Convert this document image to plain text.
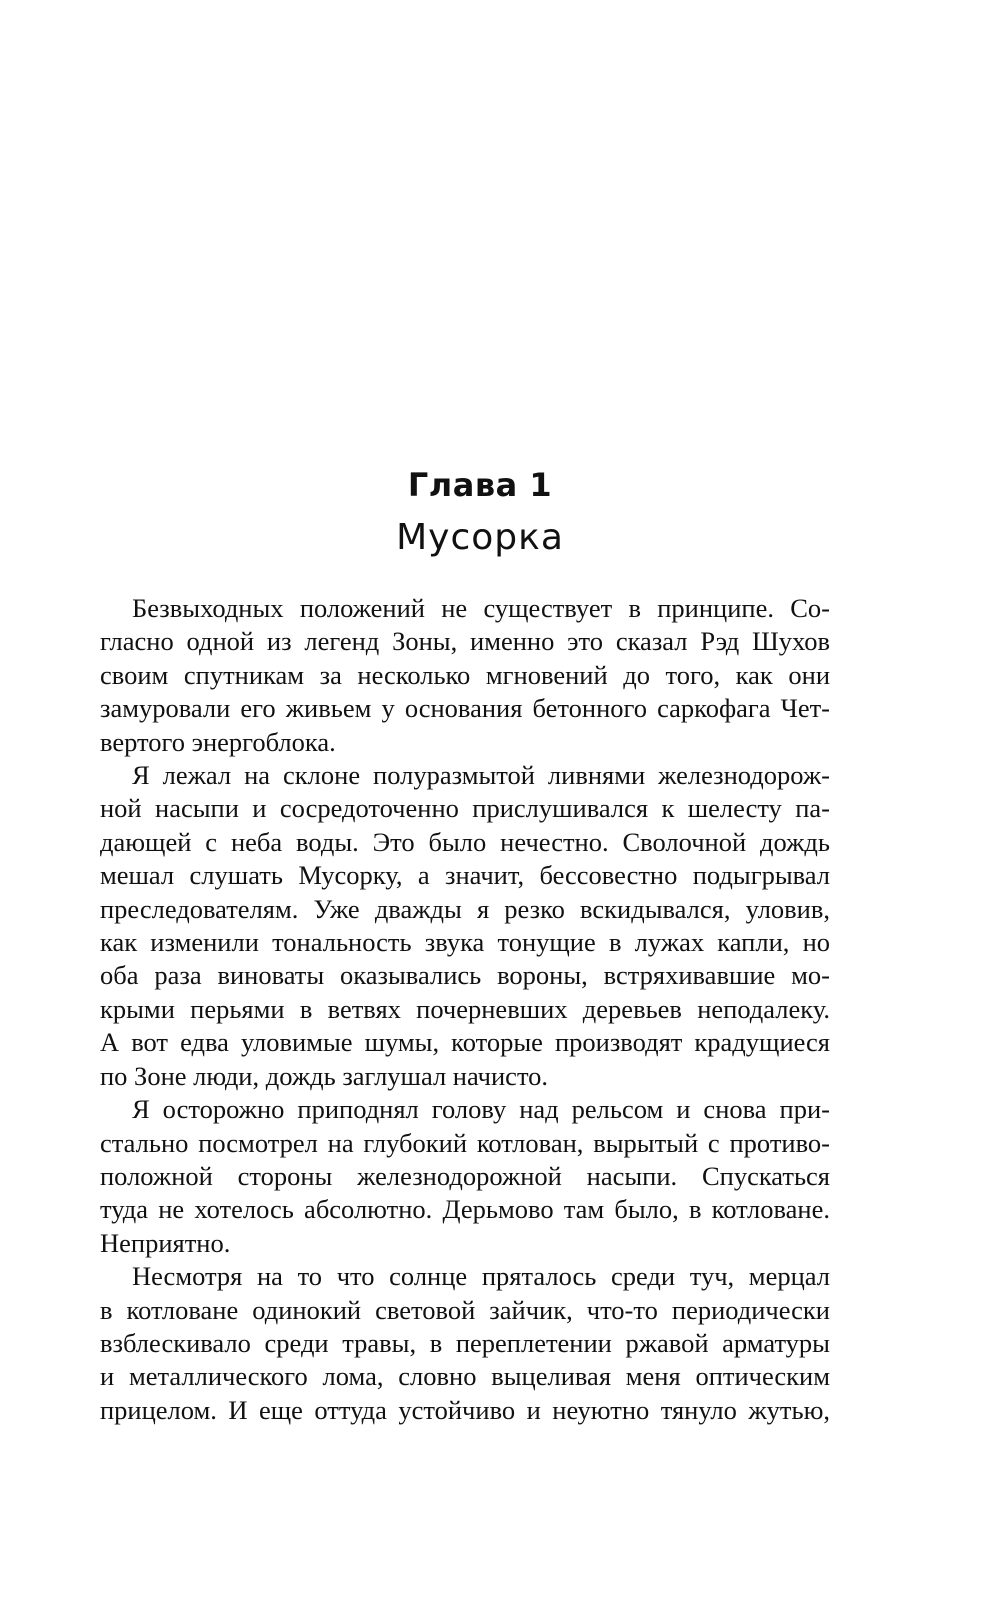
Глава 1
Мусорка

Безвыходных положений не существует в принципе. Со-
гласно одной из легенд Зоны, именно это сказал Рэд Шухов
своим спутникам за несколько мгновений до того, как они
замуровали его живьем у основания бетонного саркофага Чет-
вертого энергоблока.

Я лежал на склоне полуразмытой ливнями железнодорож-
ной насыпи и сосредоточенно прислушивался к шелесту па-
дающей с неба воды. Это было нечестно. Сволочной дождь
мешал слушать Мусорку, а значит, бессовестно подыгрывал
преследователям. Уже дважды я резко вскидывался, уловив,
как изменили тональность звука тонущие в лужах капли, но
оба раза виноваты оказывались вороны, встряхивавшие мо-
крыми перьями в ветвях почерневших деревьев неподалеку.
А вот едва уловимые шумы, которые производят крадущиеся
по Зоне люди, дождь заглушал начисто.

Я осторожно приподнял голову над рельсом и снова при-
стально посмотрел на глубокий котлован, вырытый с противо-
положной стороны железнодорожной насыпи. Спускаться
туда не хотелось абсолютно. Дерьмово там было, в котловане.
Неприятно.

Несмотря на то что солнце пряталось среди туч, мерцал
в котловане одинокий световой зайчик, что-то периодически
взблескивало среди травы, в переплетении ржавой арматуры
и металлического лома, словно выцеливая меня оптическим
прицелом. И еще оттуда устойчиво и неуютно тянуло жутью,
